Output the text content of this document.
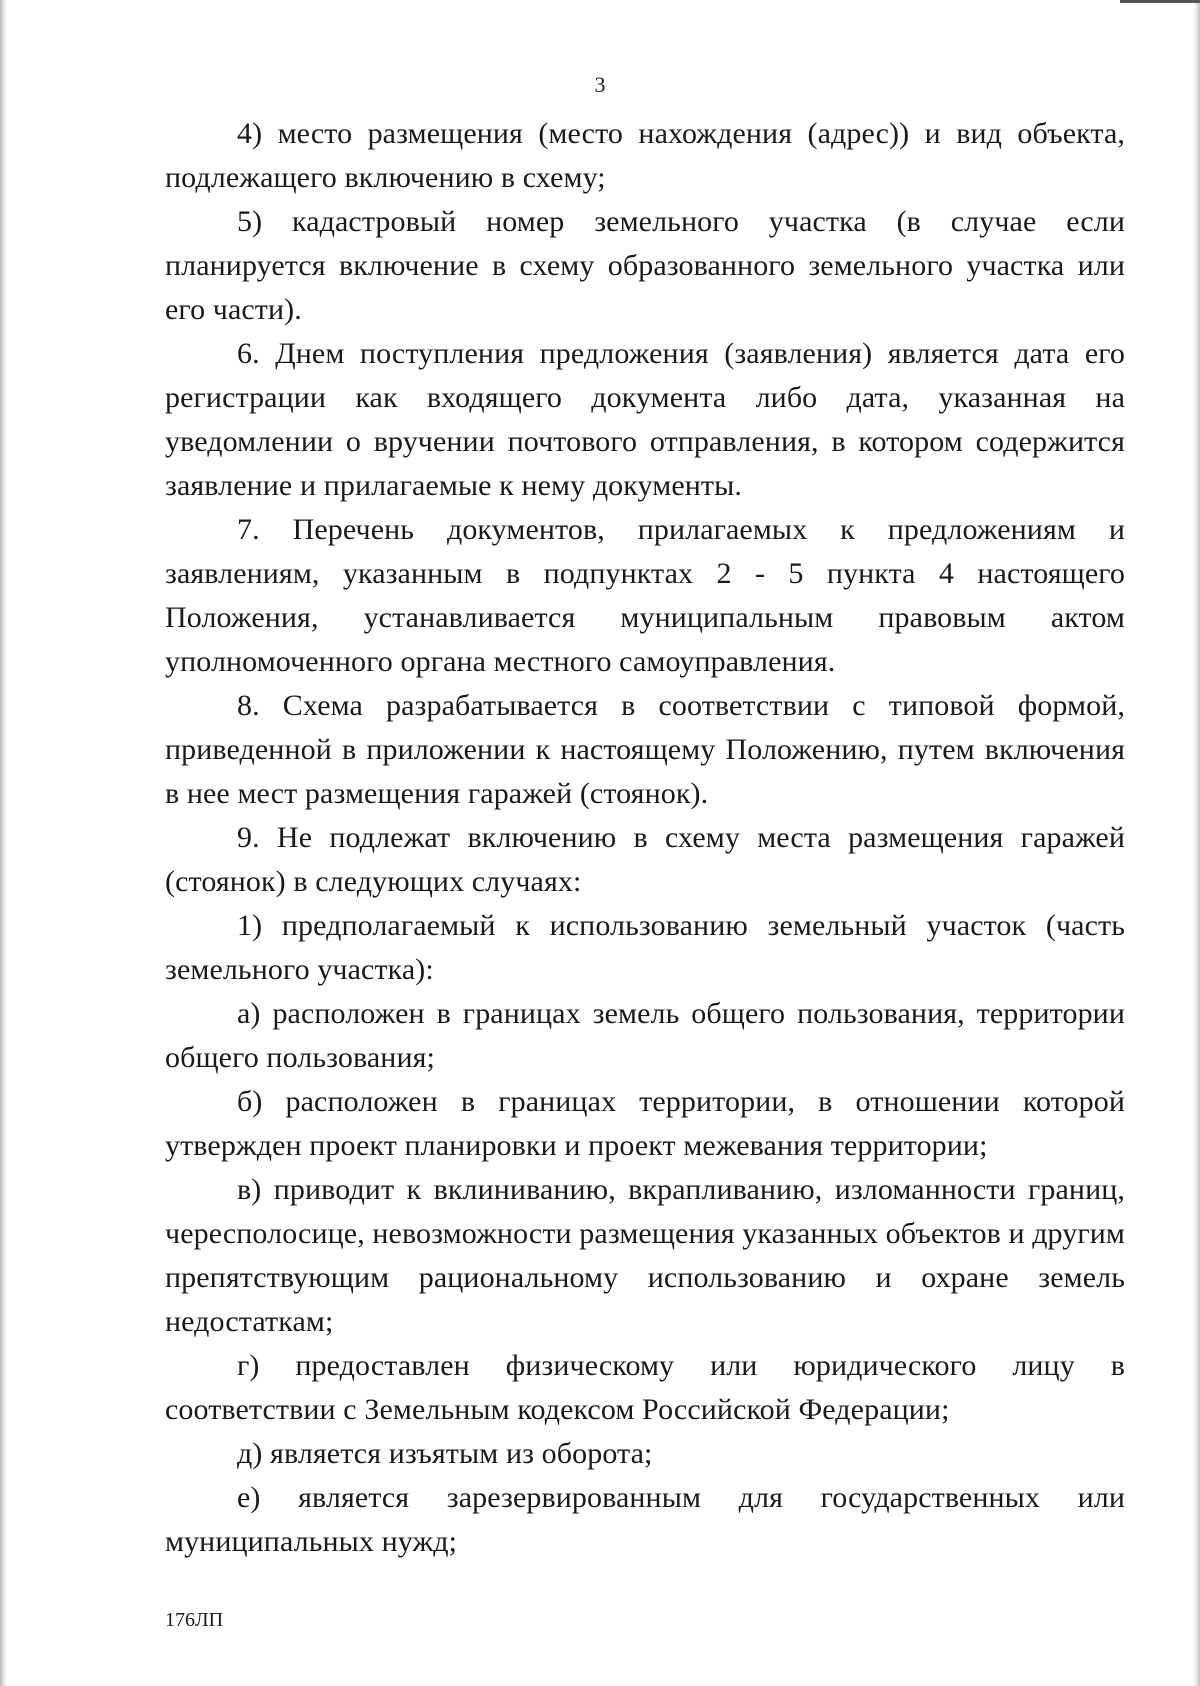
3

4) место размещения (место нахождения (адрес)) и вид объекта, подлежащего включению в схему;

5) кадастровый номер земельного участка (в случае если планируется включение в схему образованного земельного участка или его части).

6. Днем поступления предложения (заявления) является дата его регистрации как входящего документа либо дата, указанная на уведомлении о вручении почтового отправления, в котором содержится заявление и прилагаемые к нему документы.

7. Перечень документов, прилагаемых к предложениям и заявлениям, указанным в подпунктах 2 - 5 пункта 4 настоящего Положения, устанавливается муниципальным правовым актом уполномоченного органа местного самоуправления.

8. Схема разрабатывается в соответствии с типовой формой, приведенной в приложении к настоящему Положению, путем включения в нее мест размещения гаражей (стоянок).

9. Не подлежат включению в схему места размещения гаражей (стоянок) в следующих случаях:

1) предполагаемый к использованию земельный участок (часть земельного участка):

а) расположен в границах земель общего пользования, территории общего пользования;

б) расположен в границах территории, в отношении которой утвержден проект планировки и проект межевания территории;

в) приводит к вклиниванию, вкрапливанию, изломанности границ, чересполосице, невозможности размещения указанных объектов и другим препятствующим рациональному использованию и охране земель недостаткам;

г) предоставлен физическому или юридического лицу в соответствии с Земельным кодексом Российской Федерации;

д) является изъятым из оборота;

е) является зарезервированным для государственных или муниципальных нужд;

176ЛП
